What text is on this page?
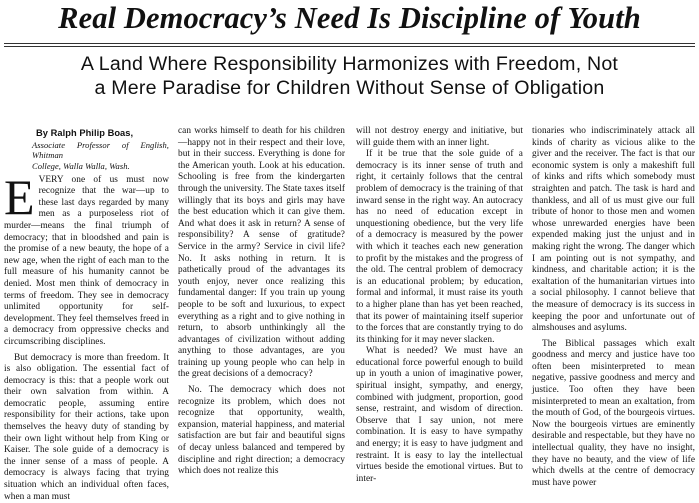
Real Democracy’s Need Is Discipline of Youth
A Land Where Responsibility Harmonizes with Freedom, Not
a Mere Paradise for Children Without Sense of Obligation
By Ralph Philip Boas,
Associate Professor of English, Whitman
College, Walla Walla, Wash.

EVERY one of us must now recognize that the war—up to these last days regarded by many men as a purposeless riot of murder—means the final triumph of democracy; that in bloodshed and pain is the promise of a new beauty, the hope of a new age, when the right of each man to the full measure of his humanity cannot be denied. Most men think of democracy in terms of freedom. They see in democracy unlimited opportunity for self-development. They feel themselves freed in a democracy from oppressive checks and circumscribing disciplines.

But democracy is more than freedom. It is also obligation. The essential fact of democracy is this: that a people work out their own salvation from within. A democratic people, assuming entire responsibility for their actions, take upon themselves the heavy duty of standing by their own light without help from King or Kaiser. The sole guide of a democracy is the inner sense of a mass of people. A democracy is always facing that trying situation which an individual often faces, when a man must

can works himself to death for his children—happy not in their respect and their love, but in their success. Everything is done for the American youth. Look at his education. Schooling is free from the kindergarten through the university. The State taxes itself willingly that its boys and girls may have the best education which it can give them. And what does it ask in return? A sense of responsibility? A sense of gratitude? Service in the army? Service in civil life? No. It asks nothing in return. It is pathetically proud of the advantages its youth enjoy, never once realizing this fundamental danger: If you train up young people to be soft and luxurious, to expect everything as a right and to give nothing in return, to absorb unthinkingly all the advantages of civilization without adding anything to those advantages, are you training up young people who can help in the great decisions of a democracy?

No. The democracy which does not recognize its problem, which does not recognize that opportunity, wealth, expansion, material happiness, and material satisfaction are but fair and beautiful signs of decay unless balanced and tempered by discipline and right direction; a democracy which does not realize this

will not destroy energy and initiative, but will guide them with an inner light.

If it be true that the sole guide of a democracy is its inner sense of truth and right, it certainly follows that the central problem of democracy is the training of that inward sense in the right way. An autocracy has no need of education except in unquestioning obedience, but the very life of a democracy is measured by the power with which it teaches each new generation to profit by the mistakes and the progress of the old. The central problem of democracy is an educational problem; by education, formal and informal, it must raise its youth to a higher plane than has yet been reached, that its power of maintaining itself superior to the forces that are constantly trying to do its thinking for it may never slacken.

What is needed? We must have an educational force powerful enough to build up in youth a union of imaginative power, spiritual insight, sympathy, and energy, combined with judgment, proportion, good sense, restraint, and wisdom of direction. Observe that I say union, not mere combination. It is easy to have sympathy and energy; it is easy to have judgment and restraint. It is easy to lay the intellectual virtues beside the emotional virtues. But to inter-

tionaries who indiscriminately attack all kinds of charity as vicious alike to the giver and the receiver. The fact is that our economic system is only a makeshift full of kinks and rifts which somebody must straighten and patch. The task is hard and thankless, and all of us must give our full tribute of honor to those men and women whose unrewarded energies have been expended making just the unjust and in making right the wrong. The danger which I am pointing out is not sympathy, and kindness, and charitable action; it is the exaltation of the humanitarian virtues into a social philosophy. I cannot believe that the measure of democracy is its success in keeping the poor and unfortunate out of almshouses and asylums.

The Biblical passages which exalt goodness and mercy and justice have too often been misinterpreted to mean negative, passive goodness and mercy and justice. Too often they have been misinterpreted to mean an exaltation, from the mouth of God, of the bourgeois virtues. Now the bourgeois virtues are eminently desirable and respectable, but they have no intellectual quality, they have no insight, they have no beauty, and the view of life which dwells at the centre of democracy must have power
